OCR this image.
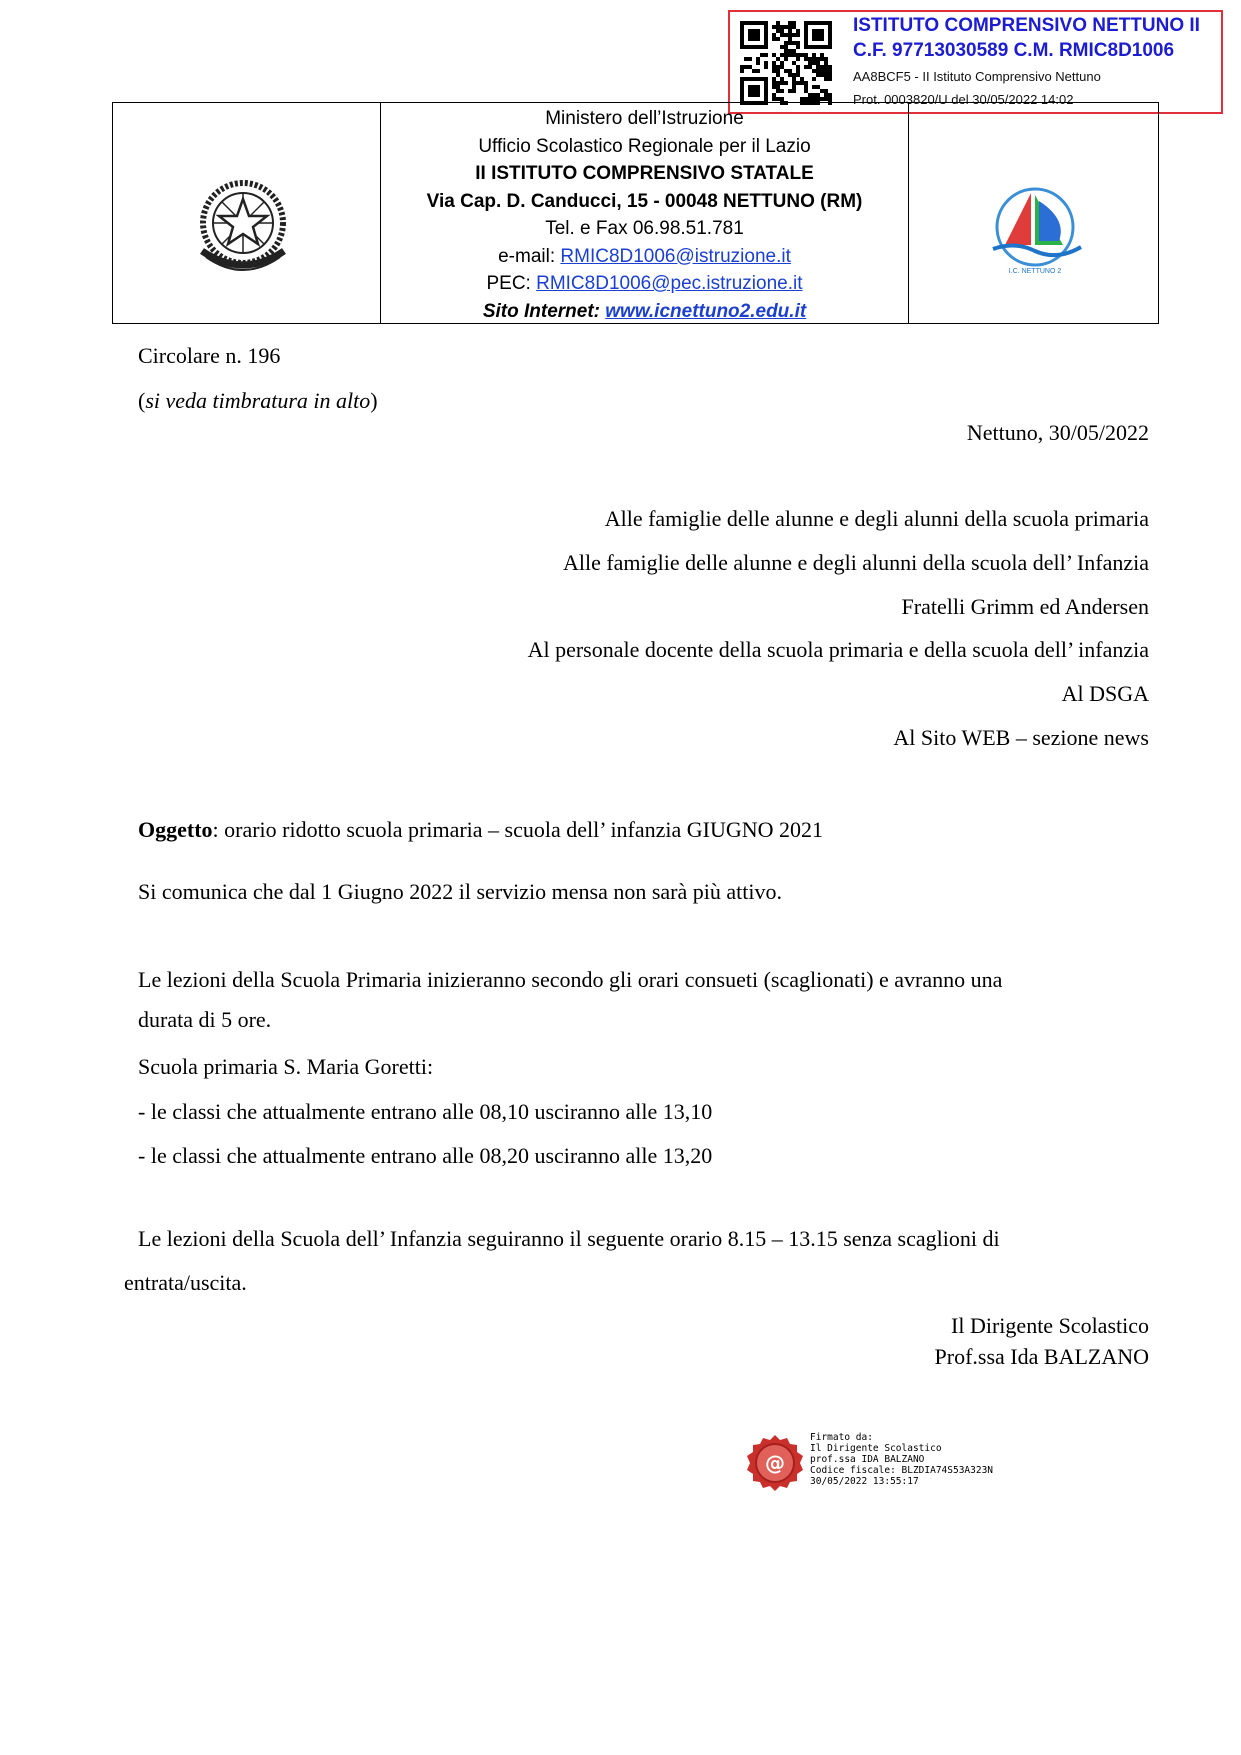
ISTITUTO COMPRENSIVO NETTUNO II
C.F. 97713030589 C.M. RMIC8D1006
AA8BCF5 - II Istituto Comprensivo Nettuno
Prot. 0003820/U del 30/05/2022 14:02
Ministero dell’Istruzione
Ufficio Scolastico Regionale per il Lazio
II ISTITUTO COMPRENSIVO STATALE
Via Cap. D. Canducci, 15 - 00048 NETTUNO (RM)
Tel. e Fax 06.98.51.781
e-mail: RMIC8D1006@istruzione.it
PEC: RMIC8D1006@pec.istruzione.it
Sito Internet: www.icnettuno2.edu.it
I.C. NETTUNO 2
Circolare n. 196
(si veda timbratura in alto)
Nettuno, 30/05/2022
Alle famiglie delle alunne e degli alunni della scuola primaria
Alle famiglie delle alunne e degli alunni della scuola dell’ Infanzia
Fratelli Grimm ed Andersen
Al personale docente della scuola primaria e della scuola dell’ infanzia
Al DSGA
Al Sito WEB – sezione news
Oggetto: orario ridotto scuola primaria – scuola dell’ infanzia GIUGNO 2021
Si comunica che dal 1 Giugno 2022 il servizio mensa non sarà più attivo.
Le lezioni della Scuola Primaria inizieranno secondo gli orari consueti (scaglionati) e avranno una
durata di 5 ore.
Scuola primaria S. Maria Goretti:
- le classi che attualmente entrano alle 08,10 usciranno alle 13,10
- le classi che attualmente entrano alle 08,20 usciranno alle 13,20
Le lezioni della Scuola dell’ Infanzia seguiranno il seguente orario 8.15 – 13.15 senza scaglioni di
entrata/uscita.
Il Dirigente Scolastico
Prof.ssa Ida BALZANO
@
Firmato da:
Il Dirigente Scolastico
prof.ssa IDA BALZANO
Codice fiscale: BLZDIA74S53A323N
30/05/2022 13:55:17
